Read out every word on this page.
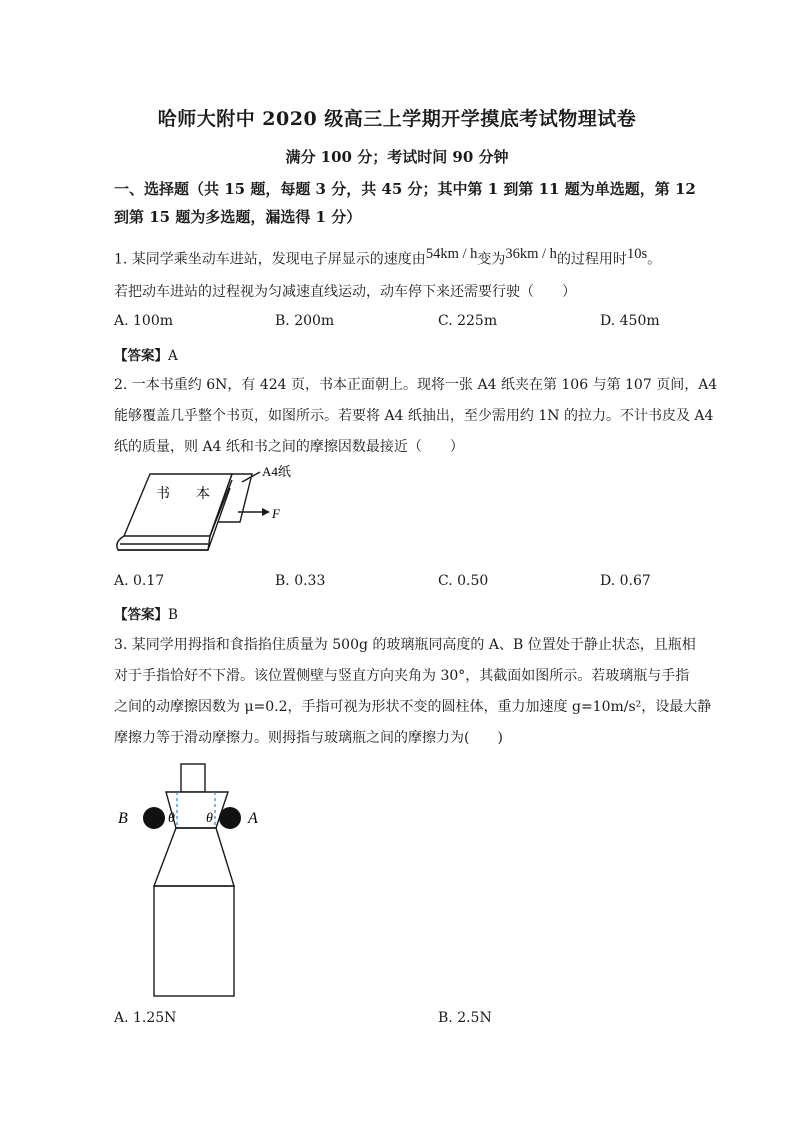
哈师大附中 2020 级高三上学期开学摸底考试物理试卷
满分 100 分；考试时间 90 分钟
一、选择题（共 15 题，每题 3 分，共 45 分；其中第 1 到第 11 题为单选题，第 12
到第 15 题为多选题，漏选得 1 分）
1. 某同学乘坐动车进站，发现电子屏显示的速度由$^{54km / h}$变为$^{36km / h}$的过程用时$^{10s}$。
若把动车进站的过程视为匀减速直线运动，动车停下来还需要行驶（　　）
A. 100m	B. 200m	C. 225m	D. 450m
【答案】A
2. 一本书重约 6N，有 424 页，书本正面朝上。现将一张 A4 纸夹在第 106 与第 107 页间，A4
能够覆盖几乎整个书页，如图所示。若要将 A4 纸抽出，至少需用约 1N 的拉力。不计书皮及 A4
纸的质量，则 A4 纸和书之间的摩擦因数最接近（　　）
书 本
A4纸
F
A. 0.17	B. 0.33	C. 0.50	D. 0.67
【答案】B
3. 某同学用拇指和食指掐住质量为 500g 的玻璃瓶同高度的 A、B 位置处于静止状态，且瓶相
对于手指恰好不下滑。该位置侧壁与竖直方向夹角为 30°，其截面如图所示。若玻璃瓶与手指
之间的动摩擦因数为 μ=0.2，手指可视为形状不变的圆柱体，重力加速度 g=10m/s²，设最大静
摩擦力等于滑动摩擦力。则拇指与玻璃瓶之间的摩擦力为(　　)
B	A
θ θ
A. 1.25N	B. 2.5N
